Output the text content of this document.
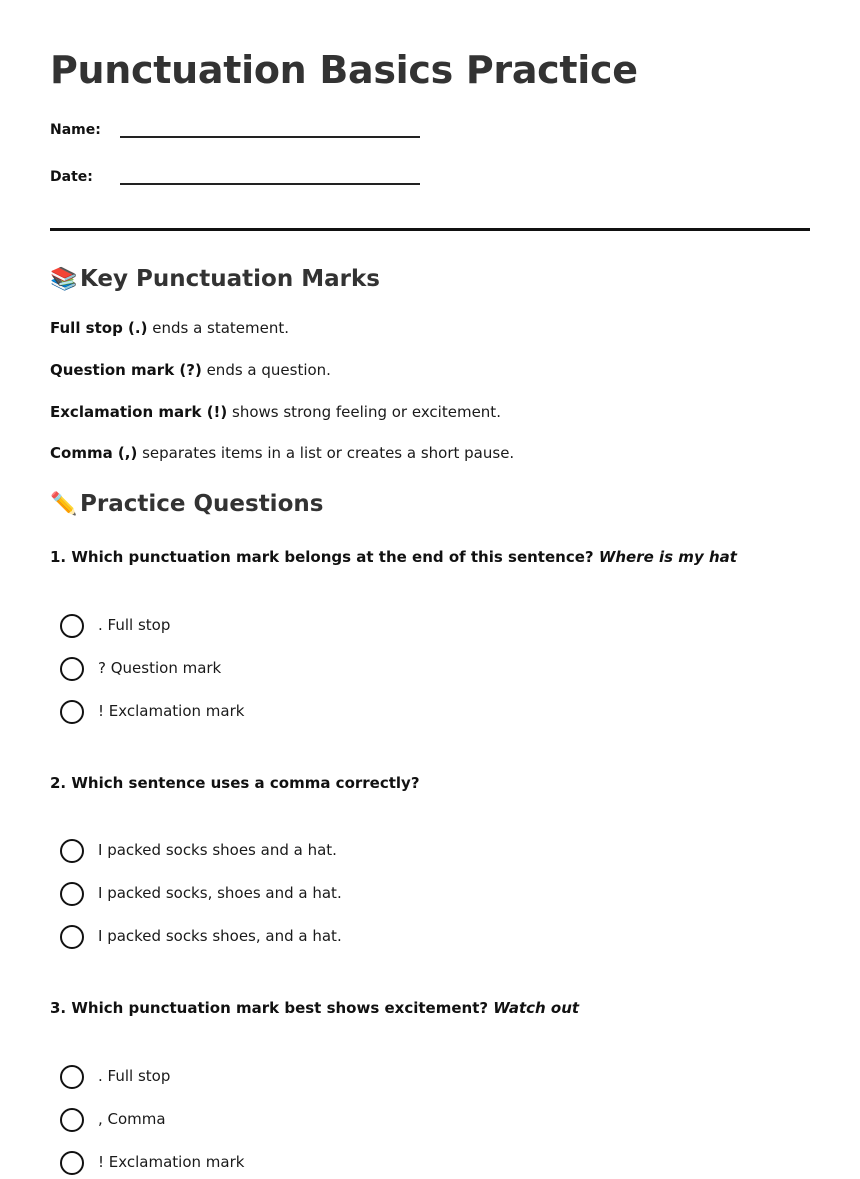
Punctuation Basics Practice
Name:
Date:
📚 Key Punctuation Marks
Full stop (.) ends a statement.
Question mark (?) ends a question.
Exclamation mark (!) shows strong feeling or excitement.
Comma (,) separates items in a list or creates a short pause.
✏️ Practice Questions
1. Which punctuation mark belongs at the end of this sentence? Where is my hat
. Full stop
? Question mark
! Exclamation mark
2. Which sentence uses a comma correctly?
I packed socks shoes and a hat.
I packed socks, shoes and a hat.
I packed socks shoes, and a hat.
3. Which punctuation mark best shows excitement? Watch out
. Full stop
, Comma
! Exclamation mark
